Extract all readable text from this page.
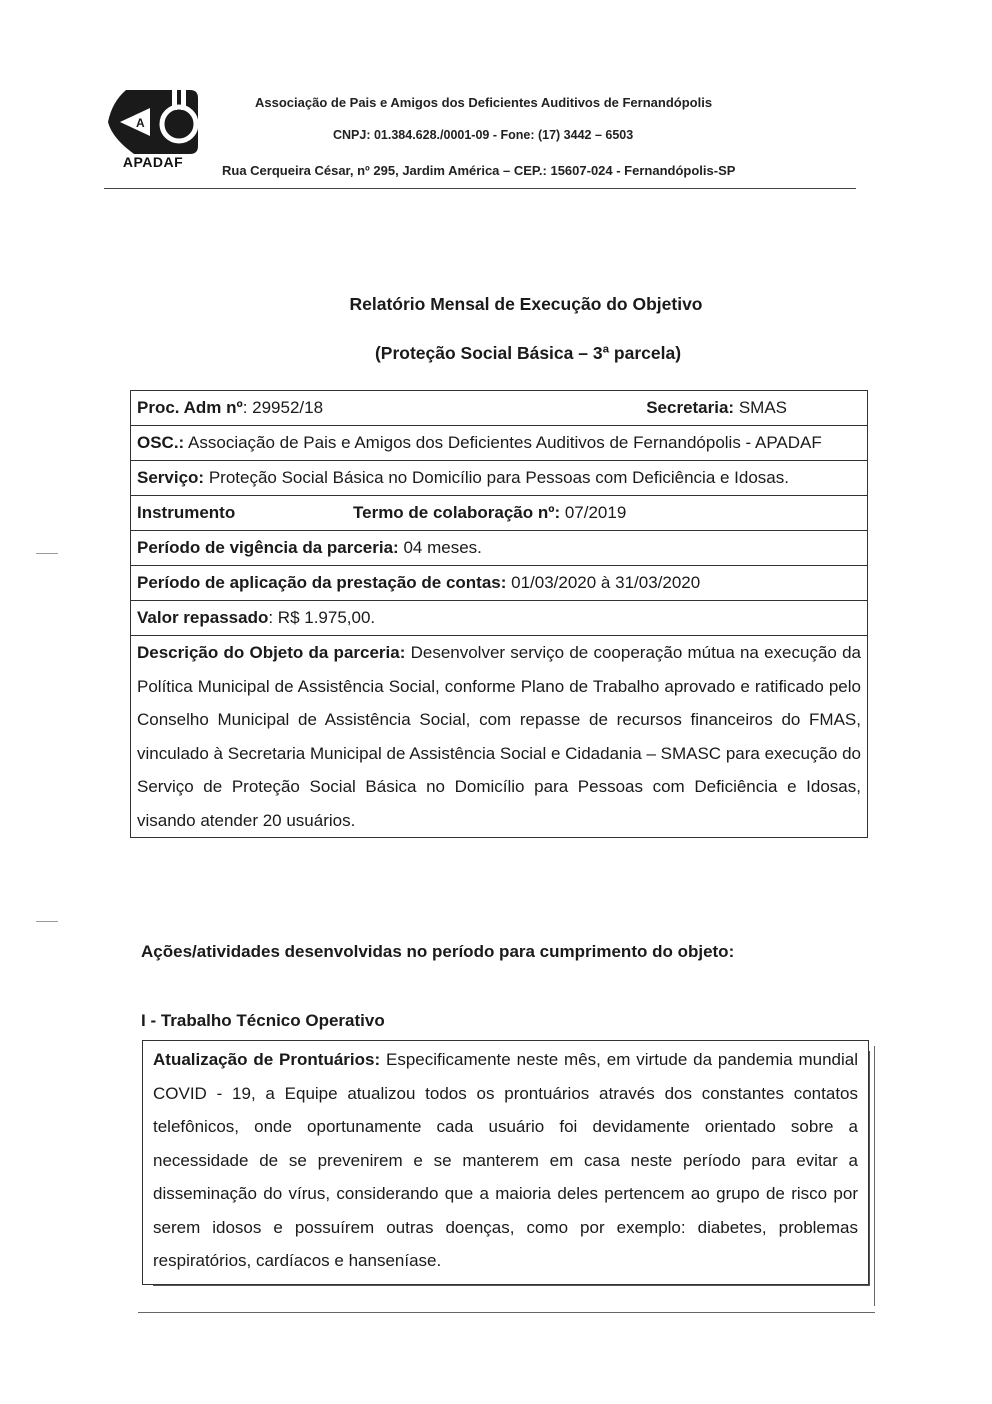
A
APADAF
Associação de Pais e Amigos dos Deficientes Auditivos de Fernandópolis
CNPJ: 01.384.628./0001-09 - Fone: (17) 3442 – 6503
Rua Cerqueira César, nº 295, Jardim América – CEP.: 15607-024 - Fernandópolis-SP
Relatório Mensal de Execução do Objetivo
(Proteção Social Básica – 3ª parcela)
Proc. Adm nº: 29952/18	Secretaria: SMAS
OSC.: Associação de Pais e Amigos dos Deficientes Auditivos de Fernandópolis - APADAF
Serviço: Proteção Social Básica no Domicílio para Pessoas com Deficiência e Idosas.
Instrumento	Termo de colaboração nº: 07/2019
Período de vigência da parceria: 04 meses.
Período de aplicação da prestação de contas: 01/03/2020 à 31/03/2020
Valor repassado: R$ 1.975,00.
Descrição do Objeto da parceria: Desenvolver serviço de cooperação mútua na execução da Política Municipal de Assistência Social, conforme Plano de Trabalho aprovado e ratificado pelo Conselho Municipal de Assistência Social, com repasse de recursos financeiros do FMAS, vinculado à Secretaria Municipal de Assistência Social e Cidadania – SMASC para execução do Serviço de Proteção Social Básica no Domicílio para Pessoas com Deficiência e Idosas, visando atender 20 usuários.
Ações/atividades desenvolvidas no período para cumprimento do objeto:
I - Trabalho Técnico Operativo
Atualização de Prontuários: Especificamente neste mês, em virtude da pandemia mundial COVID - 19, a Equipe atualizou todos os prontuários através dos constantes contatos telefônicos, onde oportunamente cada usuário foi devidamente orientado sobre a necessidade de se prevenirem e se manterem em casa neste período para evitar a disseminação do vírus, considerando que a maioria deles pertencem ao grupo de risco por serem idosos e possuírem outras doenças, como por exemplo: diabetes, problemas respiratórios, cardíacos e hanseníase.
